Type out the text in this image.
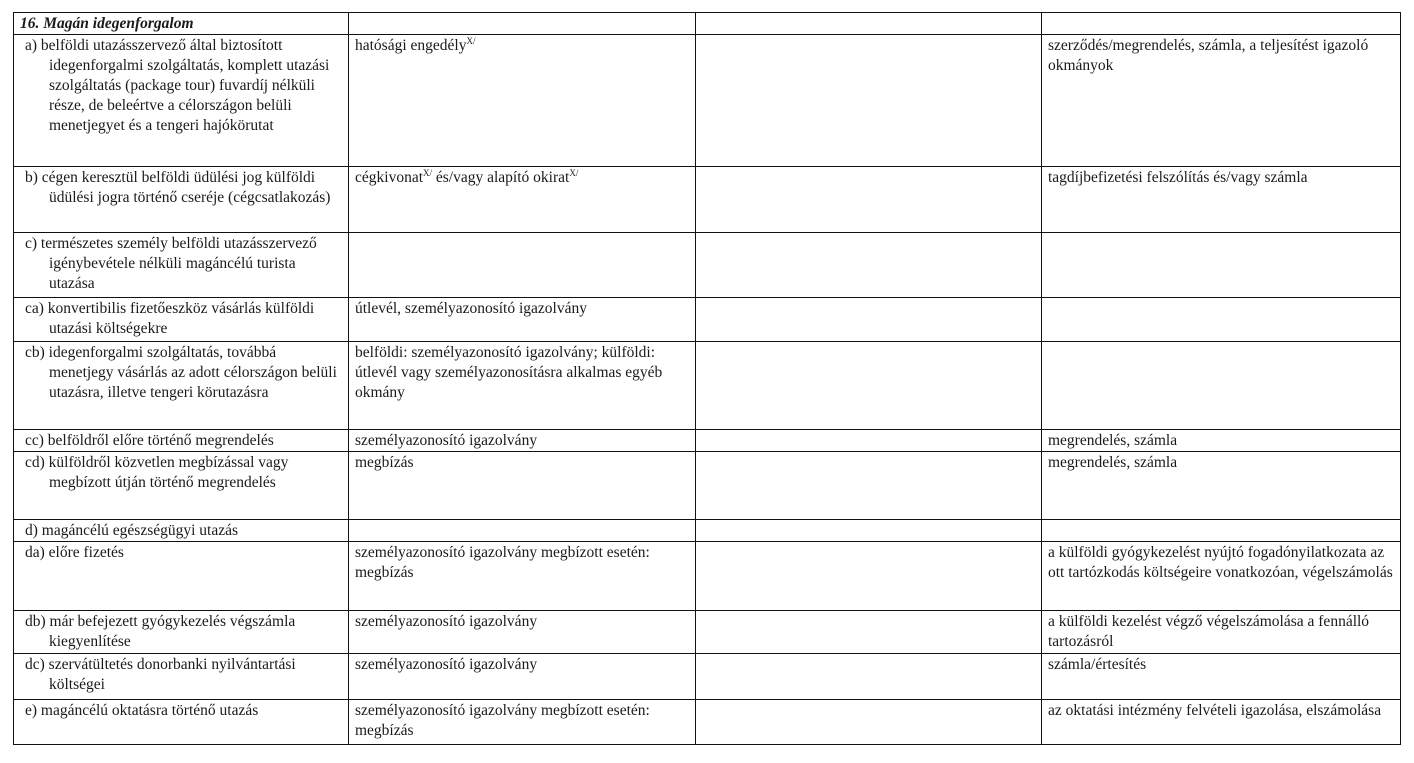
16. Magán idegenforgalom			

a) belföldi utazásszervező által biztosított idegenforgalmi szolgáltatás, komplett utazási szolgáltatás (package tour) fuvardíj nélküli része, de beleértve a célországon belüli menetjegyet és a tengeri hajókörutat	hatósági engedély$^{X/}$		szerződés/megrendelés, számla, a teljesítést igazoló okmányok

b) cégen keresztül belföldi üdülési jog külföldi üdülési jogra történő cseréje (cégcsatlakozás)	cégkivonat$^{X/}$ és/vagy alapító okirat$^{X/}$		tagdíjbefizetési felszólítás és/vagy számla

c) természetes személy belföldi utazásszervező igénybevétele nélküli magáncélú turista utazása			

ca) konvertibilis fizetőeszköz vásárlás külföldi utazási költségekre	útlevél, személyazonosító igazolvány		

cb) idegenforgalmi szolgáltatás, továbbá menetjegy vásárlás az adott célországon belüli utazásra, illetve tengeri körutazásra	belföldi: személyazonosító igazolvány; külföldi: útlevél vagy személyazonosításra alkalmas egyéb okmány		

cc) belföldről előre történő megrendelés	személyazonosító igazolvány		megrendelés, számla

cd) külföldről közvetlen megbízással vagy megbízott útján történő megrendelés	megbízás		megrendelés, számla

d) magáncélú egészségügyi utazás			

da) előre fizetés	személyazonosító igazolvány megbízott esetén: megbízás		a külföldi gyógykezelést nyújtó fogadónyilatkozata az ott tartózkodás költségeire vonatkozóan, végelszámolás

db) már befejezett gyógykezelés végszámla kiegyenlítése	személyazonosító igazolvány		a külföldi kezelést végző végelszámolása a fennálló tartozásról

dc) szervátültetés donorbanki nyilvántartási költségei	személyazonosító igazolvány		számla/értesítés

e) magáncélú oktatásra történő utazás	személyazonosító igazolvány megbízott esetén: megbízás		az oktatási intézmény felvételi igazolása, elszámolása
